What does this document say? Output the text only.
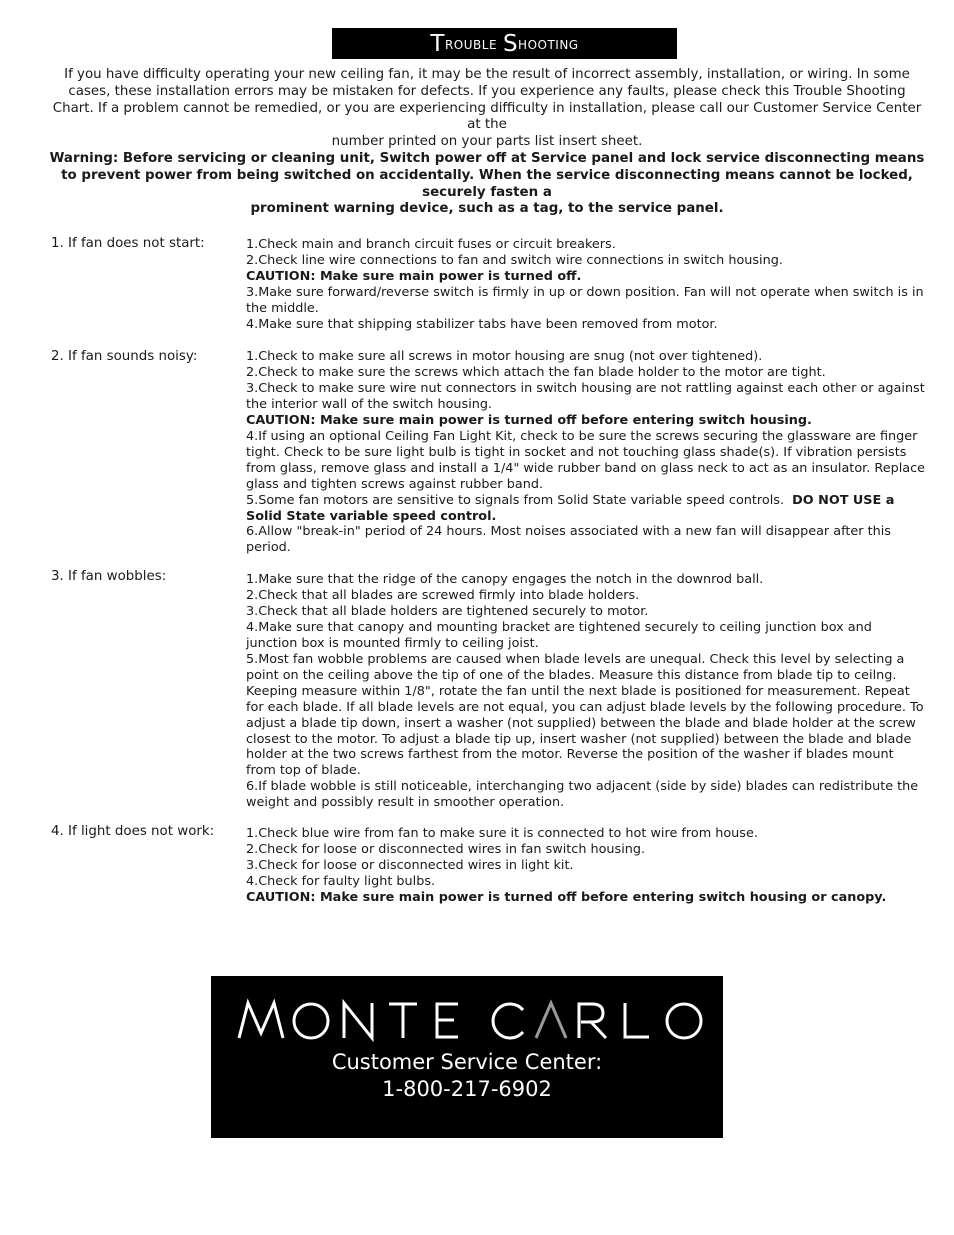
T rouble
S hooting

If you have difficulty operating your new ceiling fan, it may be the result of incorrect assembly, installation, or wiring. In some cases, these installation errors may be mistaken for defects. If you experience any faults, please check this Trouble Shooting Chart. If a problem cannot be remedied, or you are experiencing difficulty in installation, please call our Customer Service Center at the

number printed on your parts list insert sheet.

Warning: Before servicing or cleaning unit, Switch power off at Service panel and lock service disconnecting means to prevent power from being switched on accidentally. When the service disconnecting means cannot be locked, securely fasten a

prominent warning device, such as a tag, to the service panel.

1. If fan does not start:	1.Check main and branch circuit fuses or circuit breakers.

2.Check line wire connections to fan and switch wire connections in switch housing.

CAUTION: Make sure main power is turned off.

3.Make sure forward/reverse switch is firmly in up or down position. Fan will not operate when switch is in the middle.

4.Make sure that shipping stabilizer tabs have been removed from motor.

2. If fan sounds noisy:	1.Check to make sure all screws in motor housing are snug (not over tightened).

2.Check to make sure the screws which attach the fan blade holder to the motor are tight.

3.Check to make sure wire nut connectors in switch housing are not rattling against each other or against the interior wall of the switch housing.

CAUTION: Make sure main power is turned off before entering switch housing.

4.If using an optional Ceiling Fan Light Kit, check to be sure the screws securing the glassware are finger tight. Check to be sure light bulb is tight in socket and not touching glass shade(s). If vibration persists from glass, remove glass and install a 1/4" wide rubber band on glass neck to act as an insulator. Replace glass and tighten screws against rubber band.

5.Some fan motors are sensitive to signals from Solid State variable speed controls. DO NOT USE a Solid State variable speed control.

6.Allow "break-in" period of 24 hours. Most noises associated with a new fan will disappear after this period.

3. If fan wobbles:	1.Make sure that the ridge of the canopy engages the notch in the downrod ball.

2.Check that all blades are screwed firmly into blade holders.

3.Check that all blade holders are tightened securely to motor.

4.Make sure that canopy and mounting bracket are tightened securely to ceiling junction box and junction box is mounted firmly to ceiling joist.

5.Most fan wobble problems are caused when blade levels are unequal. Check this level by selecting a point on the ceiling above the tip of one of the blades. Measure this distance from blade tip to ceilng. Keeping measure within 1/8", rotate the fan until the next blade is positioned for measurement. Repeat for each blade. If all blade levels are not equal, you can adjust blade levels by the following procedure. To adjust a blade tip down, insert a washer (not supplied) between the blade and blade holder at the screw closest to the motor. To adjust a blade tip up, insert washer (not supplied) between the blade and blade holder at the two screws farthest from the motor. Reverse the position of the washer if blades mount from top of blade.

6.If blade wobble is still noticeable, interchanging two adjacent (side by side) blades can redistribute the weight and possibly result in smoother operation.

4. If light does not work: 1.Check blue wire from fan to make sure it is connected to hot wire from house.

2.Check for loose or disconnected wires in fan switch housing.

3.Check for loose or disconnected wires in light kit.

4.Check for faulty light bulbs.

CAUTION: Make sure main power is turned off before entering switch housing or canopy.

Customer Service Center:
1-800-217-6902
